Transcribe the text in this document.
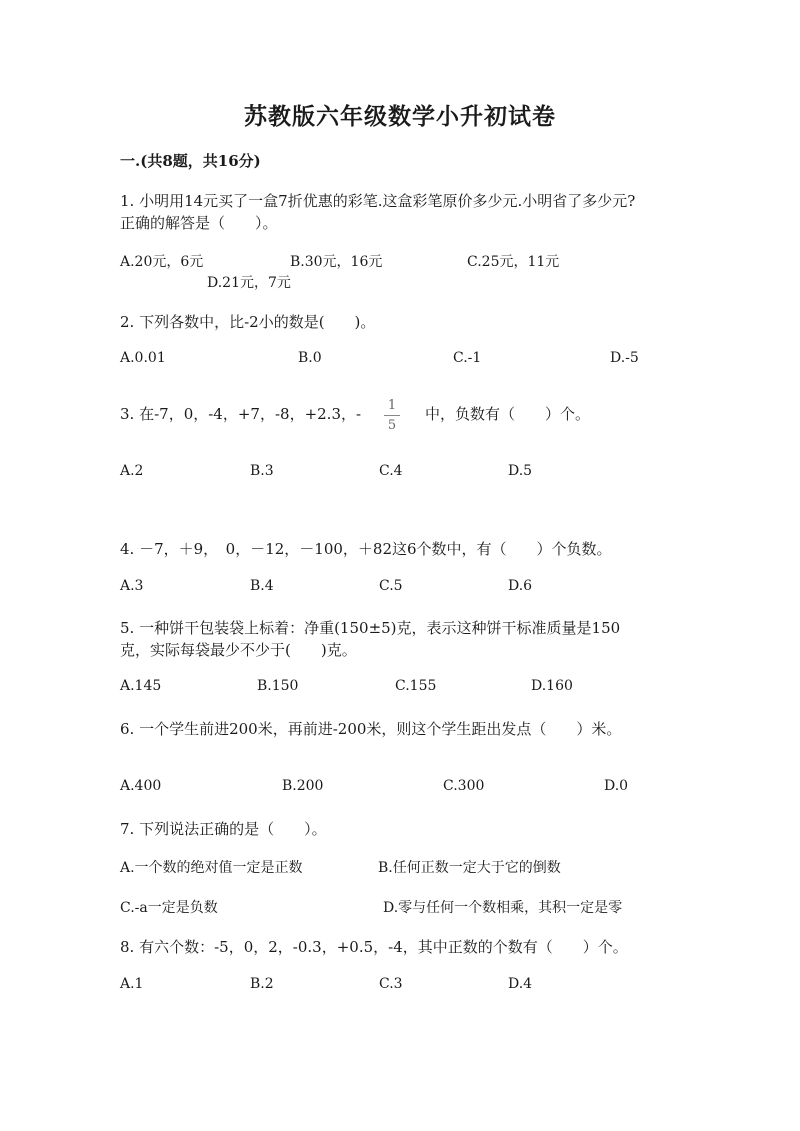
苏教版六年级数学小升初试卷
一.(共8题，共16分)
1. 小明用14元买了一盒7折优惠的彩笔.这盒彩笔原价多少元.小明省了多少元?
正确的解答是（　　）。
A.20元，6元	B.30元，16元	C.25元，11元
D.21元，7元
2. 下列各数中，比-2小的数是(　　)。
A.0.01	B.0	C.-1	D.-5
3. 在-7，0，-4，+7，-8，+2.3，- 1
5
中，负数有（　　）个。
A.2	B.3	C.4	D.5
4. －7，＋9，　0，－12，－100，＋82这6个数中，有（　　）个负数。
A.3	B.4	C.5	D.6
5. 一种饼干包装袋上标着：净重(150±5)克，表示这种饼干标准质量是150
克，实际每袋最少不少于(　　)克。
A.145	B.150	C.155	D.160
6. 一个学生前进200米，再前进-200米，则这个学生距出发点（　　）米。
A.400	B.200	C.300	D.0
7. 下列说法正确的是（　　）。
A.一个数的绝对值一定是正数	B.任何正数一定大于它的倒数
C.-a一定是负数	D.零与任何一个数相乘，其积一定是零
8. 有六个数：-5，0，2，-0.3，+0.5，-4，其中正数的个数有（　　）个。
A.1	B.2	C.3	D.4
